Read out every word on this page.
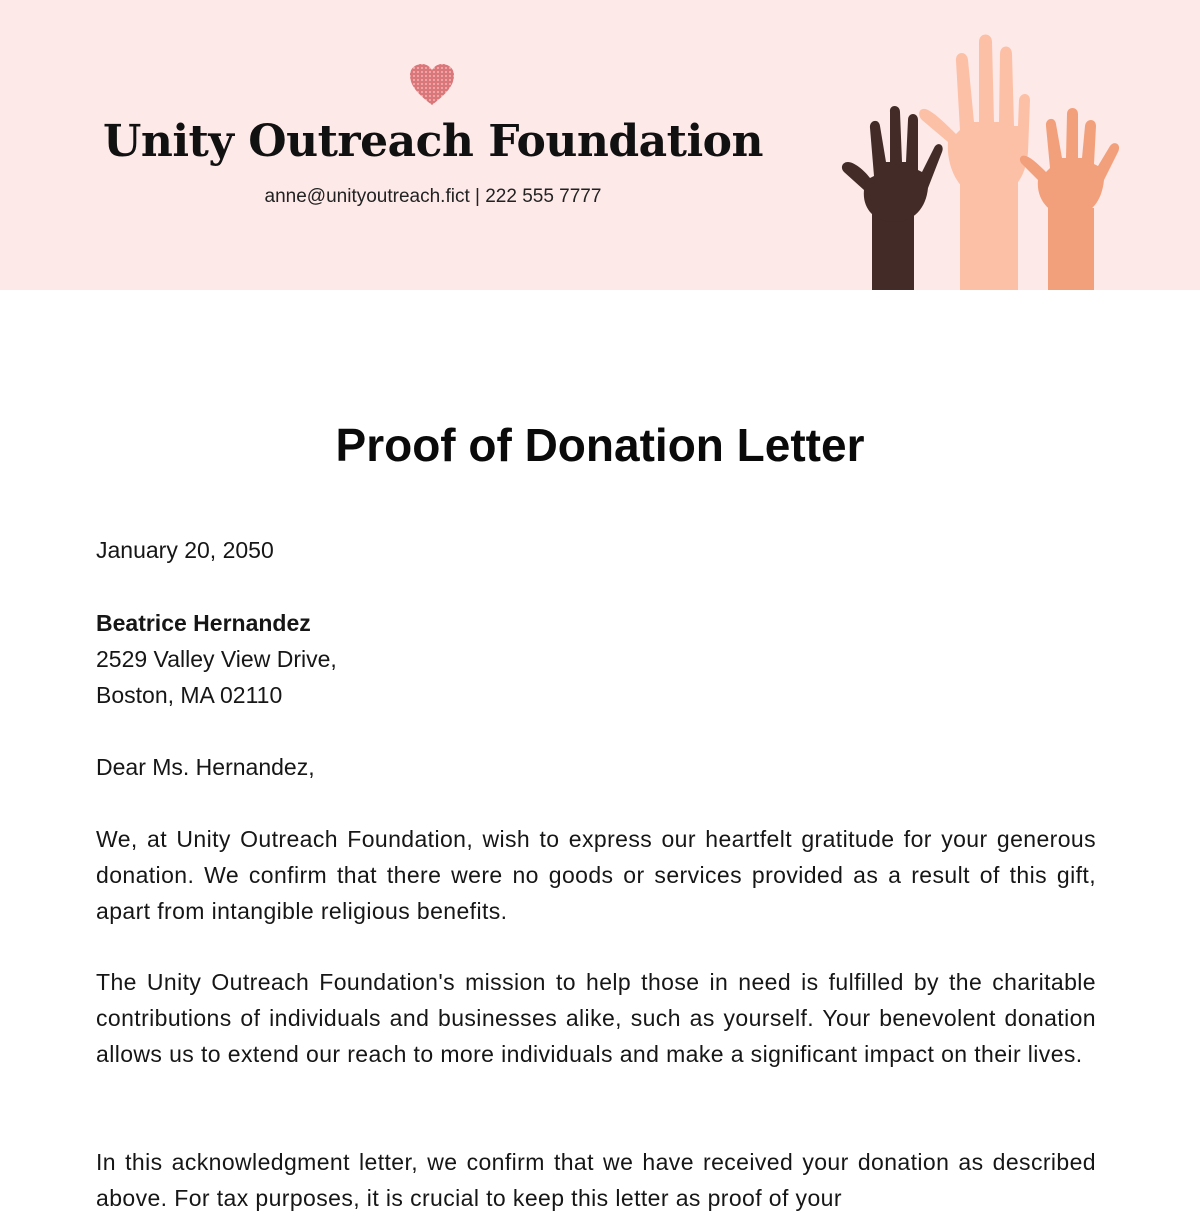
Unity Outreach Foundation
anne@unityoutreach.fict | 222 555 7777
Proof of Donation Letter
January 20, 2050
Beatrice Hernandez
2529 Valley View Drive,
Boston, MA 02110
Dear Ms. Hernandez,
We, at Unity Outreach Foundation, wish to express our heartfelt gratitude for your generous donation. We confirm that there were no goods or services provided as a result of this gift, apart from intangible religious benefits.
The Unity Outreach Foundation's mission to help those in need is fulfilled by the charitable contributions of individuals and businesses alike, such as yourself. Your benevolent donation allows us to extend our reach to more individuals and make a significant impact on their lives.
In this acknowledgment letter, we confirm that we have received your donation as described above. For tax purposes, it is crucial to keep this letter as proof of your
